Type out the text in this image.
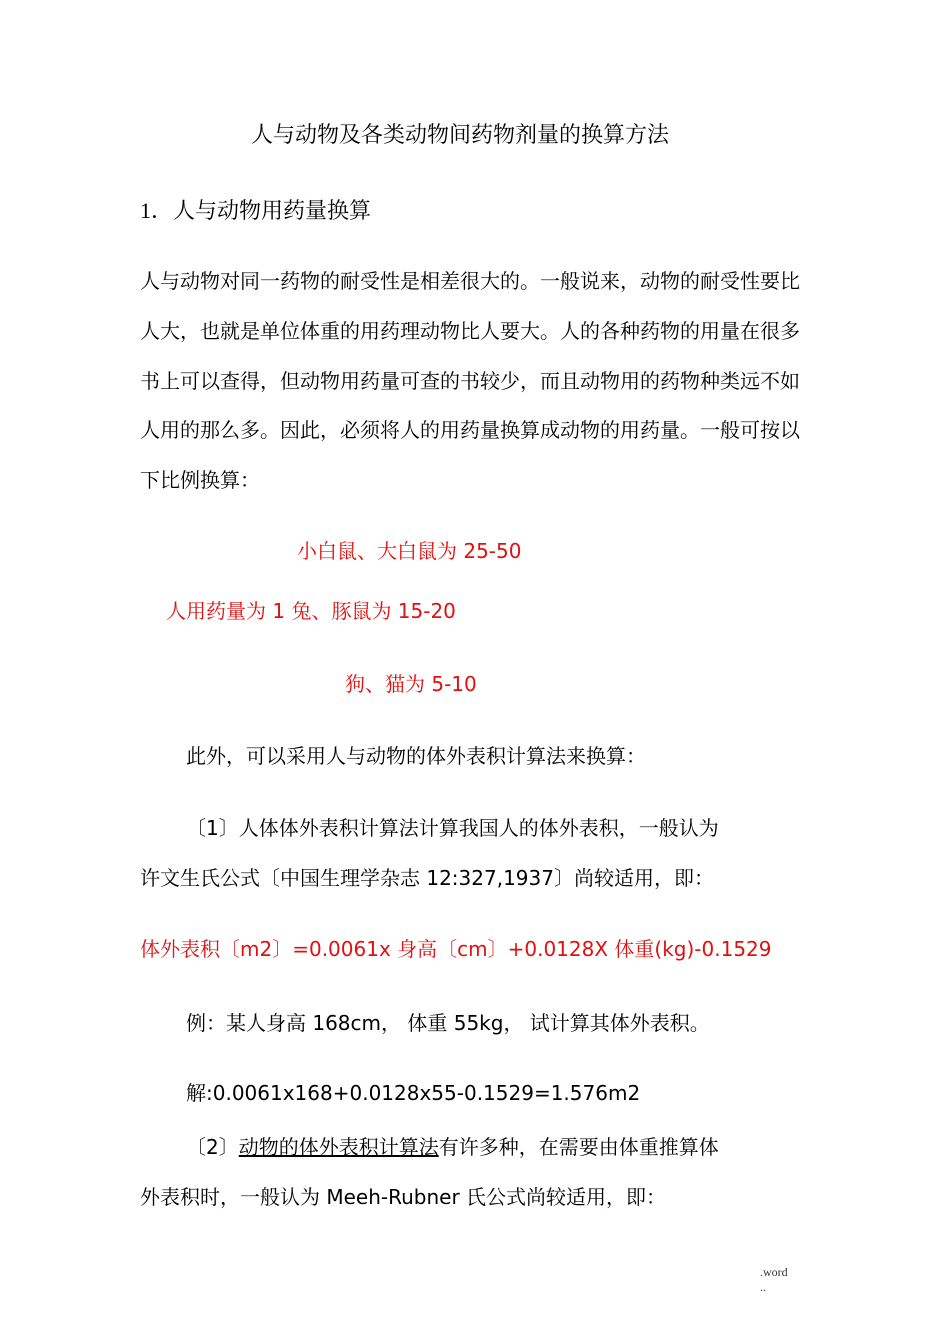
人与动物及各类动物间药物剂量的换算方法
1．人与动物用药量换算
人与动物对同一药物的耐受性是相差很大的。一般说来，动物的耐受性要比
人大，也就是单位体重的用药理动物比人要大。人的各种药物的用量在很多
书上可以查得，但动物用药量可查的书较少，而且动物用的药物种类远不如
人用的那么多。因此，必须将人的用药量换算成动物的用药量。一般可按以
下比例换算：
小白鼠、大白鼠为 25-50
人用药量为 1 兔、豚鼠为 15-20
狗、猫为 5-10
此外，可以采用人与动物的体外表积计算法来换算：
〔1〕人体体外表积计算法计算我国人的体外表积，一般认为
许文生氏公式〔中国生理学杂志 12:327,1937〕尚较适用，即：
体外表积〔m2〕=0.0061x 身高〔cm〕+0.0128X 体重(kg)-0.1529
例：某人身高 168cm， 体重 55kg， 试计算其体外表积。
解:0.0061x168+0.0128x55-0.1529=1.576m2
〔2〕动物的体外表积计算法有许多种，在需要由体重推算体
外表积时，一般认为 Meeh-Rubner 氏公式尚较适用，即：
.word
..
